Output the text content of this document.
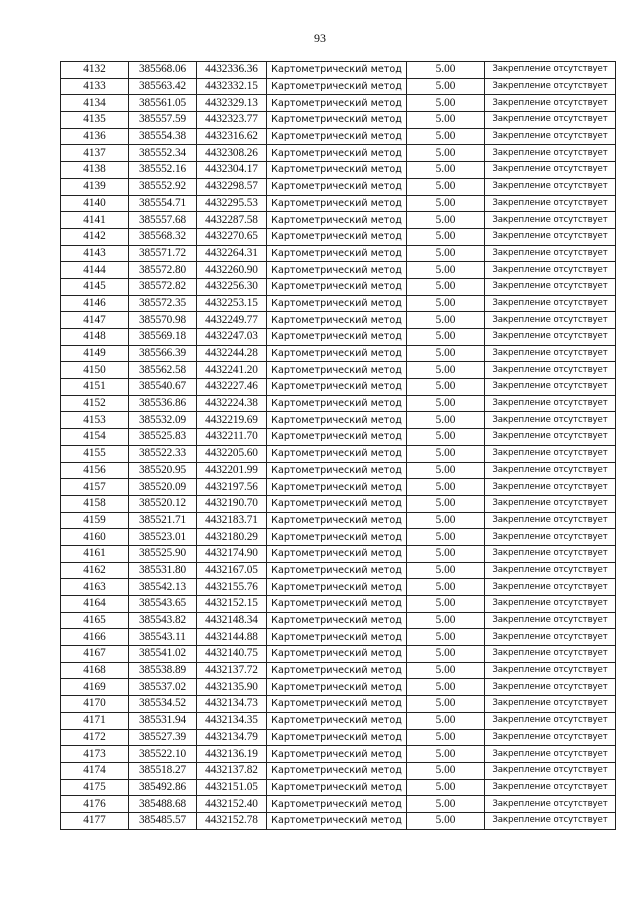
93
4132	385568.06	4432336.36	Картометрический метод	5.00	Закрепление отсутствует
4133	385563.42	4432332.15	Картометрический метод	5.00	Закрепление отсутствует
4134	385561.05	4432329.13	Картометрический метод	5.00	Закрепление отсутствует
4135	385557.59	4432323.77	Картометрический метод	5.00	Закрепление отсутствует
4136	385554.38	4432316.62	Картометрический метод	5.00	Закрепление отсутствует
4137	385552.34	4432308.26	Картометрический метод	5.00	Закрепление отсутствует
4138	385552.16	4432304.17	Картометрический метод	5.00	Закрепление отсутствует
4139	385552.92	4432298.57	Картометрический метод	5.00	Закрепление отсутствует
4140	385554.71	4432295.53	Картометрический метод	5.00	Закрепление отсутствует
4141	385557.68	4432287.58	Картометрический метод	5.00	Закрепление отсутствует
4142	385568.32	4432270.65	Картометрический метод	5.00	Закрепление отсутствует
4143	385571.72	4432264.31	Картометрический метод	5.00	Закрепление отсутствует
4144	385572.80	4432260.90	Картометрический метод	5.00	Закрепление отсутствует
4145	385572.82	4432256.30	Картометрический метод	5.00	Закрепление отсутствует
4146	385572.35	4432253.15	Картометрический метод	5.00	Закрепление отсутствует
4147	385570.98	4432249.77	Картометрический метод	5.00	Закрепление отсутствует
4148	385569.18	4432247.03	Картометрический метод	5.00	Закрепление отсутствует
4149	385566.39	4432244.28	Картометрический метод	5.00	Закрепление отсутствует
4150	385562.58	4432241.20	Картометрический метод	5.00	Закрепление отсутствует
4151	385540.67	4432227.46	Картометрический метод	5.00	Закрепление отсутствует
4152	385536.86	4432224.38	Картометрический метод	5.00	Закрепление отсутствует
4153	385532.09	4432219.69	Картометрический метод	5.00	Закрепление отсутствует
4154	385525.83	4432211.70	Картометрический метод	5.00	Закрепление отсутствует
4155	385522.33	4432205.60	Картометрический метод	5.00	Закрепление отсутствует
4156	385520.95	4432201.99	Картометрический метод	5.00	Закрепление отсутствует
4157	385520.09	4432197.56	Картометрический метод	5.00	Закрепление отсутствует
4158	385520.12	4432190.70	Картометрический метод	5.00	Закрепление отсутствует
4159	385521.71	4432183.71	Картометрический метод	5.00	Закрепление отсутствует
4160	385523.01	4432180.29	Картометрический метод	5.00	Закрепление отсутствует
4161	385525.90	4432174.90	Картометрический метод	5.00	Закрепление отсутствует
4162	385531.80	4432167.05	Картометрический метод	5.00	Закрепление отсутствует
4163	385542.13	4432155.76	Картометрический метод	5.00	Закрепление отсутствует
4164	385543.65	4432152.15	Картометрический метод	5.00	Закрепление отсутствует
4165	385543.82	4432148.34	Картометрический метод	5.00	Закрепление отсутствует
4166	385543.11	4432144.88	Картометрический метод	5.00	Закрепление отсутствует
4167	385541.02	4432140.75	Картометрический метод	5.00	Закрепление отсутствует
4168	385538.89	4432137.72	Картометрический метод	5.00	Закрепление отсутствует
4169	385537.02	4432135.90	Картометрический метод	5.00	Закрепление отсутствует
4170	385534.52	4432134.73	Картометрический метод	5.00	Закрепление отсутствует
4171	385531.94	4432134.35	Картометрический метод	5.00	Закрепление отсутствует
4172	385527.39	4432134.79	Картометрический метод	5.00	Закрепление отсутствует
4173	385522.10	4432136.19	Картометрический метод	5.00	Закрепление отсутствует
4174	385518.27	4432137.82	Картометрический метод	5.00	Закрепление отсутствует
4175	385492.86	4432151.05	Картометрический метод	5.00	Закрепление отсутствует
4176	385488.68	4432152.40	Картометрический метод	5.00	Закрепление отсутствует
4177	385485.57	4432152.78	Картометрический метод	5.00	Закрепление отсутствует
